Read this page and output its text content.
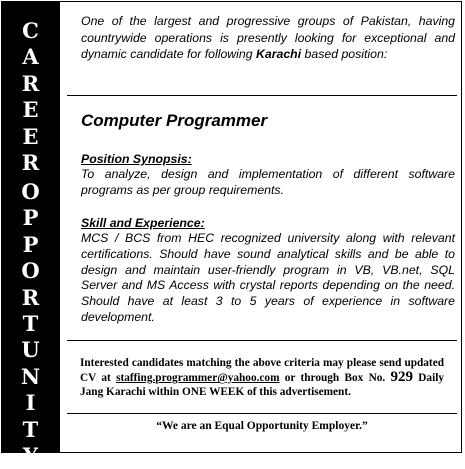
C
A
R
E
E
R
O
P
P
O
R
T
U
N
I
T
Y

One of the largest and progressive groups of Pakistan, having countrywide operations is presently looking for exceptional and dynamic candidate for following Karachi based position:

Computer Programmer
Position Synopsis:

To analyze, design and implementation of different software programs as per group requirements.

Skill and Experience:

MCS / BCS from HEC recognized university along with relevant certifications. Should have sound analytical skills and be able to design and maintain user-friendly program in VB, VB.net, SQL Server and MS Access with crystal reports depending on the need. Should have at least 3 to 5 years of experience in software development.

Interested candidates matching the above criteria may please send updated CV at staffing.programmer@yahoo.com or through Box No. 929 Daily Jang Karachi within ONE WEEK of this advertisement.

“We are an Equal Opportunity Employer.”
